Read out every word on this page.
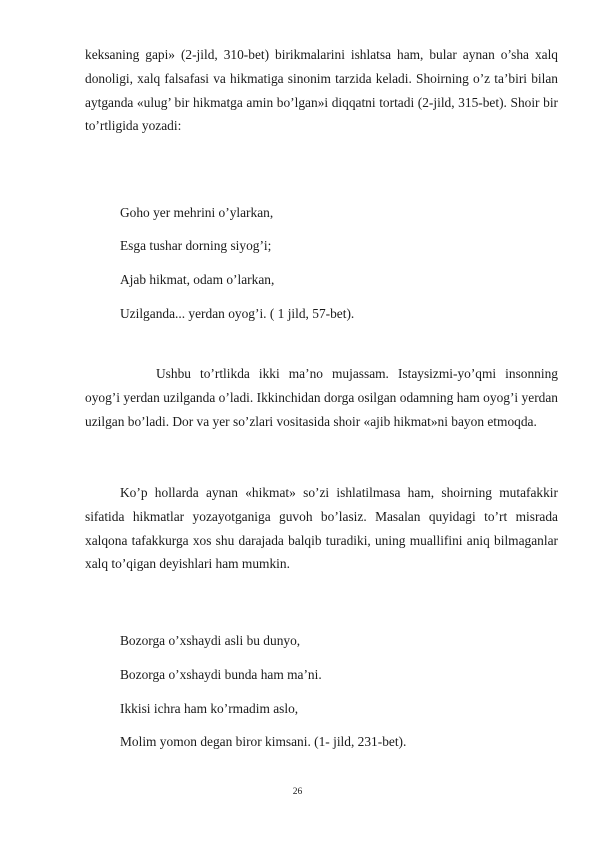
keksaning gapi» (2-jild, 310-bet) birikmalarini ishlatsa ham, bular aynan o’sha xalq donoligi, xalq falsafasi va hikmatiga sinonim tarzida keladi. Shoirning o’z ta’biri bilan aytganda «ulug’ bir hikmatga amin bo’lgan»i diqqatni tortadi (2-jild, 315-bet). Shoir bir to’rtligida yozadi:

Goho yer mehrini o’ylarkan,

Esga tushar dorning siyog’i;

Ajab hikmat, odam o’larkan,

Uzilganda... yerdan oyog’i. ( 1 jild, 57-bet).

Ushbu to’rtlikda ikki ma’no mujassam. Istaysizmi-yo’qmi insonning oyog’i yerdan uzilganda o’ladi. Ikkinchidan dorga osilgan odamning ham oyog’i yerdan uzilgan bo’ladi. Dor va yer so’zlari vositasida shoir «ajib hikmat»ni bayon etmoqda.

Ko’p hollarda aynan «hikmat» so’zi ishlatilmasa ham, shoirning mutafakkir sifatida hikmatlar yozayotganiga guvoh bo’lasiz. Masalan quyidagi to’rt misrada xalqona tafakkurga xos shu darajada balqib turadiki, uning muallifini aniq bilmaganlar xalq to’qigan deyishlari ham mumkin.

Bozorga o’xshaydi asli bu dunyo,

Bozorga o’xshaydi bunda ham ma’ni.

Ikkisi ichra ham ko’rmadim aslo,

Molim yomon degan biror kimsani. (1- jild, 231-bet).

26
